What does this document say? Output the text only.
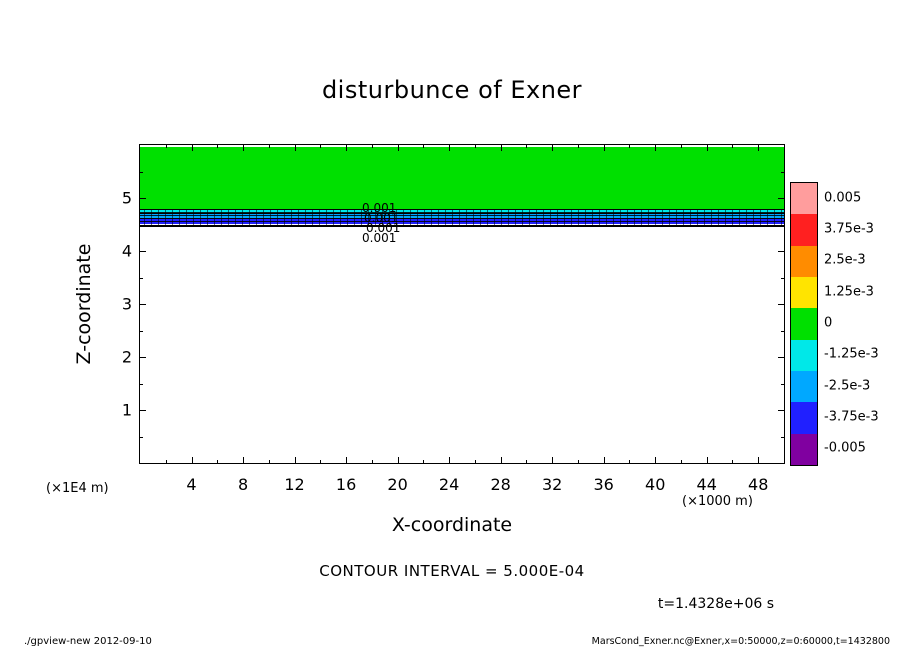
disturbunce of Exner
4	8 12 16 20 24 28 32 36 40 44 48
1
2
3
4
5
0.001
0.001
0.001
0.001
Z-coordinate
X-coordinate
(×1000 m)
(×1E4 m)
0.005
3.75e-3
2.5e-3
1.25e-3
0
-1.25e-3
-2.5e-3
-3.75e-3
-0.005
CONTOUR INTERVAL = 5.000E-04
t=1.4328e+06 s
./gpview-new 2012-09-10	MarsCond_Exner.nc@Exner,x=0:50000,z=0:60000,t=1432800
